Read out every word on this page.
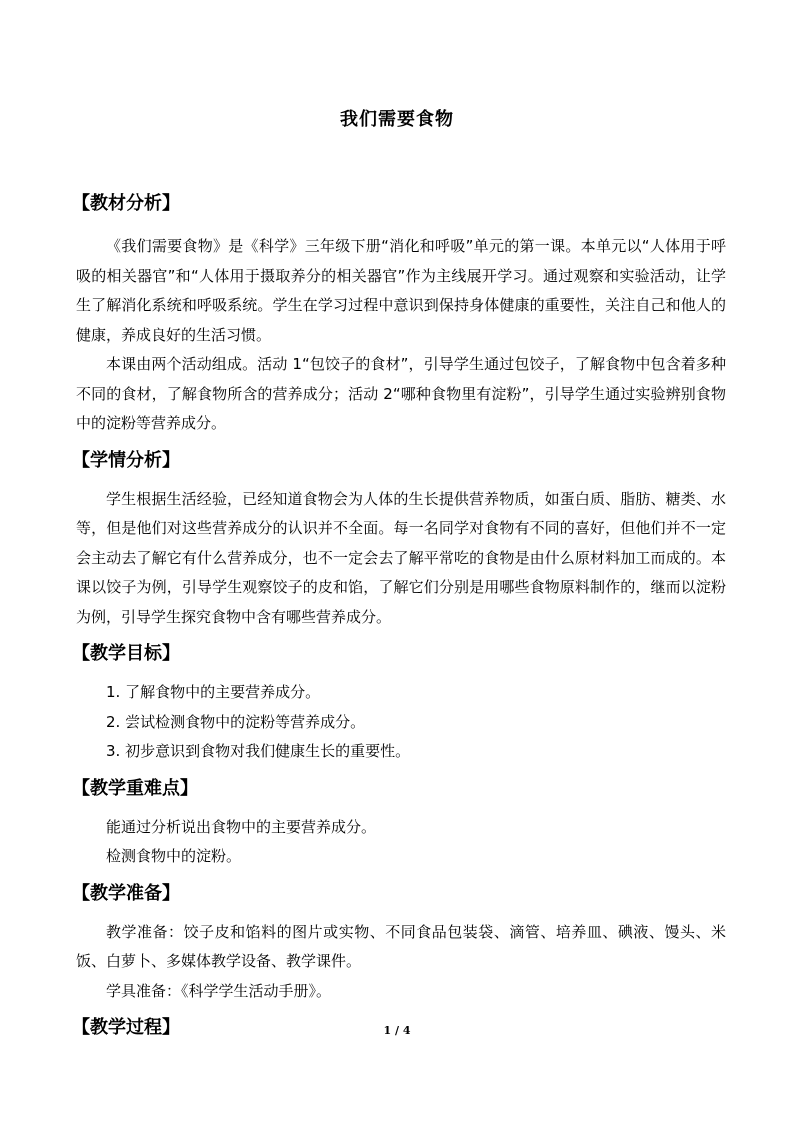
我们需要食物
【教材分析】

《我们需要食物》是《科学》三年级下册“消化和呼吸”单元的第一课。本单元以“人体用于呼吸的相关器官”和“人体用于摄取养分的相关器官”作为主线展开学习。通过观察和实验活动，让学生了解消化系统和呼吸系统。学生在学习过程中意识到保持身体健康的重要性，关注自己和他人的健康，养成良好的生活习惯。

本课由两个活动组成。活动 1“包饺子的食材”，引导学生通过包饺子，了解食物中包含着多种不同的食材，了解食物所含的营养成分；活动 2“哪种食物里有淀粉”，引导学生通过实验辨别食物中的淀粉等营养成分。

【学情分析】

学生根据生活经验，已经知道食物会为人体的生长提供营养物质，如蛋白质、脂肪、糖类、水等，但是他们对这些营养成分的认识并不全面。每一名同学对食物有不同的喜好，但他们并不一定会主动去了解它有什么营养成分，也不一定会去了解平常吃的食物是由什么原材料加工而成的。本课以饺子为例，引导学生观察饺子的皮和馅，了解它们分别是用哪些食物原料制作的，继而以淀粉为例，引导学生探究食物中含有哪些营养成分。

【教学目标】

1. 了解食物中的主要营养成分。

2. 尝试检测食物中的淀粉等营养成分。

3. 初步意识到食物对我们健康生长的重要性。

【教学重难点】

能通过分析说出食物中的主要营养成分。

检测食物中的淀粉。

【教学准备】

教学准备：饺子皮和馅料的图片或实物、不同食品包装袋、滴管、培养皿、碘液、馒头、米饭、白萝卜、多媒体教学设备、教学课件。

学具准备：《科学学生活动手册》。

【教学过程】	1 / 4
